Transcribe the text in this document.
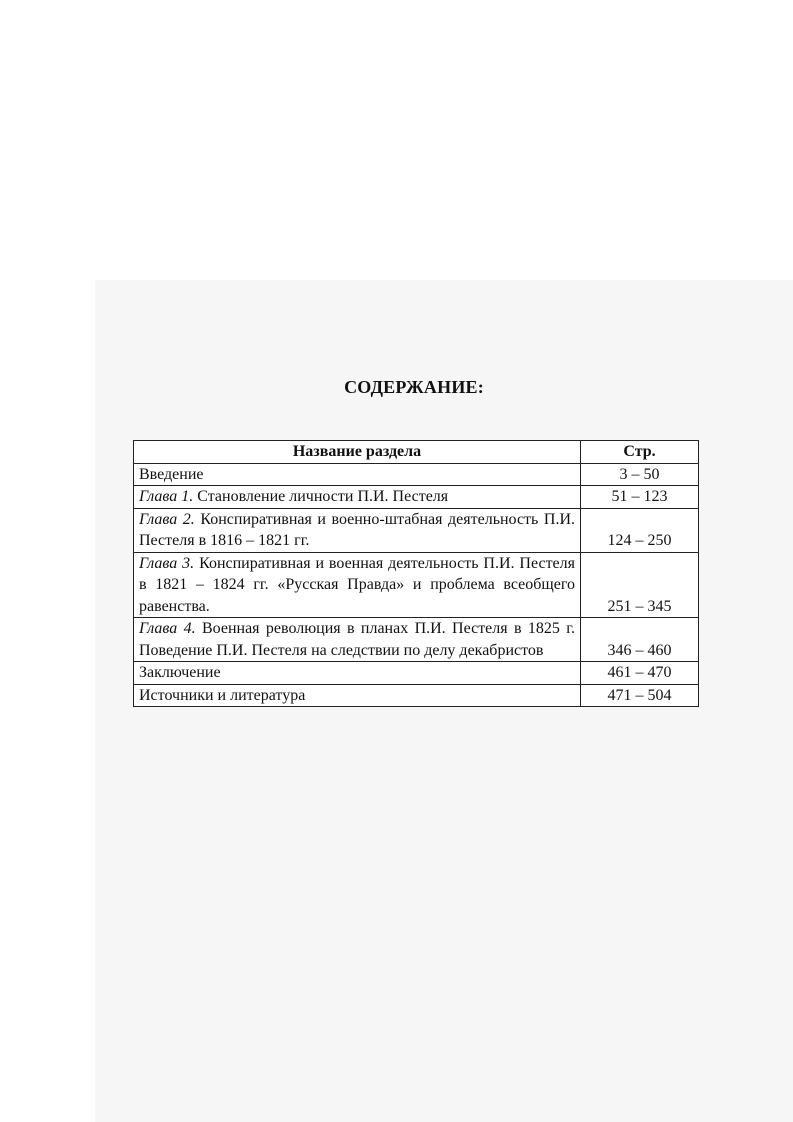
СОДЕРЖАНИЕ:
Название раздела	Стр.
Введение	3 – 50
Глава 1. Становление личности П.И. Пестеля	51 – 123
Глава 2. Конспиративная и военно-штабная деятельность П.И. Пестеля в 1816 – 1821 гг.	124 – 250
Глава 3. Конспиративная и военная деятельность П.И. Пестеля в 1821 – 1824 гг. «Русская Правда» и проблема всеобщего равенства.	251 – 345
Глава 4. Военная революция в планах П.И. Пестеля в 1825 г. Поведение П.И. Пестеля на следствии по делу декабристов	346 – 460
Заключение	461 – 470
Источники и литература	471 – 504
